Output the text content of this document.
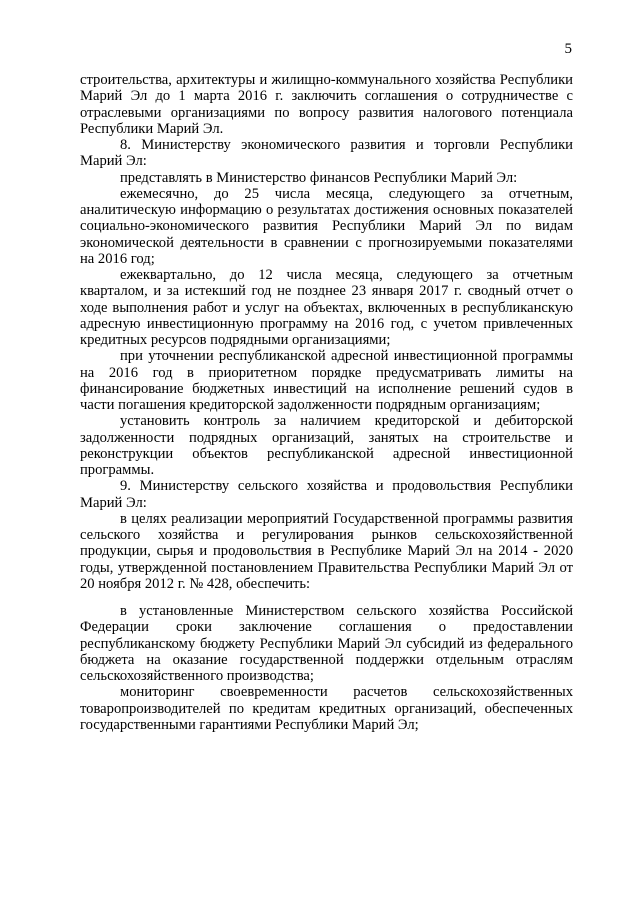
5

строительства, архитектуры и жилищно-коммунального хозяйства Республики Марий Эл до 1 марта 2016 г. заключить соглашения о сотрудничестве с отраслевыми организациями по вопросу развития налогового потенциала Республики Марий Эл.

8. Министерству экономического развития и торговли Республики Марий Эл:

представлять в Министерство финансов Республики Марий Эл:

ежемесячно, до 25 числа месяца, следующего за отчетным, аналитическую информацию о результатах достижения основных показателей социально-экономического развития Республики Марий Эл по видам экономической деятельности в сравнении с прогнозируемыми показателями на 2016 год;

ежеквартально, до 12 числа месяца, следующего за отчетным кварталом, и за истекший год не позднее 23 января 2017 г. сводный отчет о ходе выполнения работ и услуг на объектах, включенных в республиканскую адресную инвестиционную программу на 2016 год, с учетом привлеченных кредитных ресурсов подрядными организациями;

при уточнении республиканской адресной инвестиционной программы на 2016 год в приоритетном порядке предусматривать лимиты на финансирование бюджетных инвестиций на исполнение решений судов в части погашения кредиторской задолженности подрядным организациям;

установить контроль за наличием кредиторской и дебиторской задолженности подрядных организаций, занятых на строительстве и реконструкции объектов республиканской адресной инвестиционной программы.

9. Министерству сельского хозяйства и продовольствия Республики Марий Эл:

в целях реализации мероприятий Государственной программы развития сельского хозяйства и регулирования рынков сельскохозяйственной продукции, сырья и продовольствия в Республике Марий Эл на 2014 - 2020 годы, утвержденной постановлением Правительства Республики Марий Эл от 20 ноября 2012 г. № 428, обеспечить:

в установленные Министерством сельского хозяйства Российской Федерации сроки заключение соглашения о предоставлении республиканскому бюджету Республики Марий Эл субсидий из федерального бюджета на оказание государственной поддержки отдельным отраслям сельскохозяйственного производства;

мониторинг своевременности расчетов сельскохозяйственных товаропроизводителей по кредитам кредитных организаций, обеспеченных государственными гарантиями Республики Марий Эл;
